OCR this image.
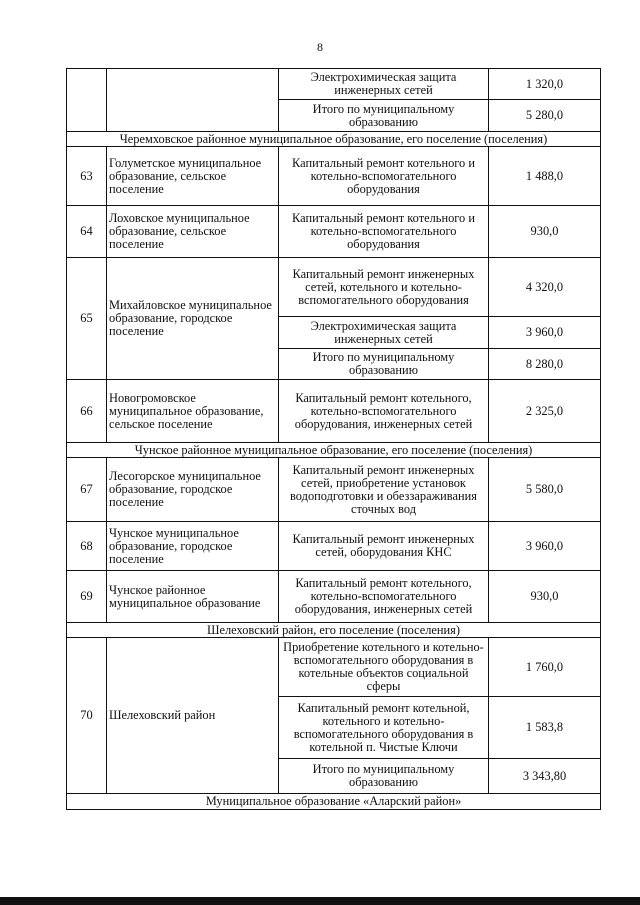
8
		Электрохимическая защита инженерных сетей	1 320,0
		Итого по муниципальному образованию	5 280,0
Черемховское районное муниципальное образование, его поселение (поселения)			
63	Голуметское муниципальное образование, сельское поселение	Капитальный ремонт котельного и котельно-вспомогательного оборудования	1 488,0
64	Лоховское муниципальное образование, сельское поселение	Капитальный ремонт котельного и котельно-вспомогательного оборудования	930,0
65	Михайловское муниципальное образование, городское поселение	Капитальный ремонт инженерных сетей, котельного и котельно-вспомогательного оборудования	4 320,0
		Электрохимическая защита инженерных сетей	3 960,0
		Итого по муниципальному образованию	8 280,0
66	Новогромовское муниципальное образование, сельское поселение	Капитальный ремонт котельного, котельно-вспомогательного оборудования, инженерных сетей	2 325,0
Чунское районное муниципальное образование, его поселение (поселения)			
67	Лесогорское муниципальное образование, городское поселение	Капитальный ремонт инженерных сетей, приобретение установок водоподготовки и обеззараживания сточных вод	5 580,0
68	Чунское муниципальное образование, городское поселение	Капитальный ремонт инженерных сетей, оборудования КНС	3 960,0
69	Чунское районное муниципальное образование	Капитальный ремонт котельного, котельно-вспомогательного оборудования, инженерных сетей	930,0
Шелеховский район, его поселение (поселения)			
70	Шелеховский район	Приобретение котельного и котельно-вспомогательного оборудования в котельные объектов социальной сферы	1 760,0
		Капитальный ремонт котельной, котельного и котельно-вспомогательного оборудования в котельной п. Чистые Ключи	1 583,8
		Итого по муниципальному образованию	3 343,80
Муниципальное образование «Аларский район»			
